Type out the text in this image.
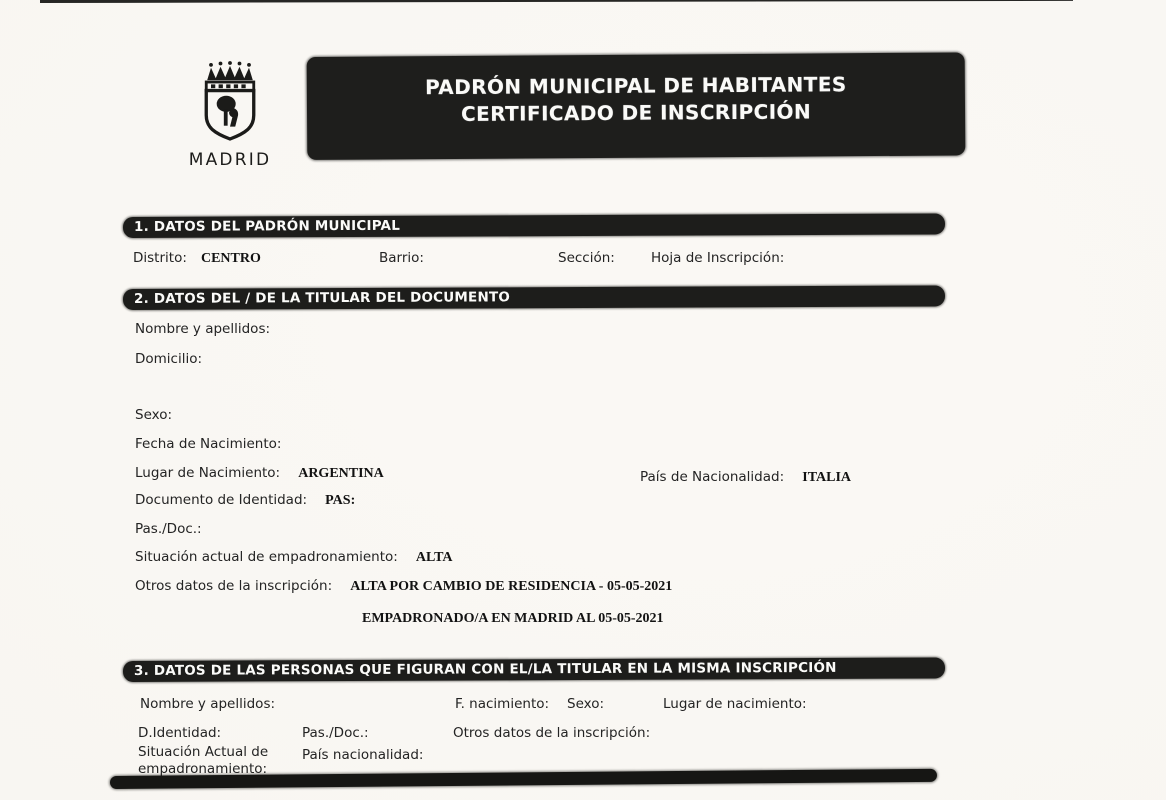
MADRID
PADRÓN MUNICIPAL DE HABITANTES
CERTIFICADO DE INSCRIPCIÓN
1. DATOS DEL PADRÓN MUNICIPAL
Distrito: CENTRO	Barrio:	Sección:	Hoja de Inscripción:
2. DATOS DEL / DE LA TITULAR DEL DOCUMENTO
Nombre y apellidos:
Domicilio:
Sexo:
Fecha de Nacimiento:
Lugar de Nacimiento: ARGENTINA	País de Nacionalidad: ITALIA
Documento de Identidad: PAS:
Pas./Doc.:
Situación actual de empadronamiento: ALTA
Otros datos de la inscripción: ALTA POR CAMBIO DE RESIDENCIA - 05-05-2021
EMPADRONADO/A EN MADRID AL 05-05-2021
3. DATOS DE LAS PERSONAS QUE FIGURAN CON EL/LA TITULAR EN LA MISMA INSCRIPCIÓN
Nombre y apellidos:	F. nacimiento: Sexo:	Lugar de nacimiento:
D.Identidad:	Pas./Doc.:	Otros datos de la inscripción:
Situación Actual de empadronamiento:
País nacionalidad:
